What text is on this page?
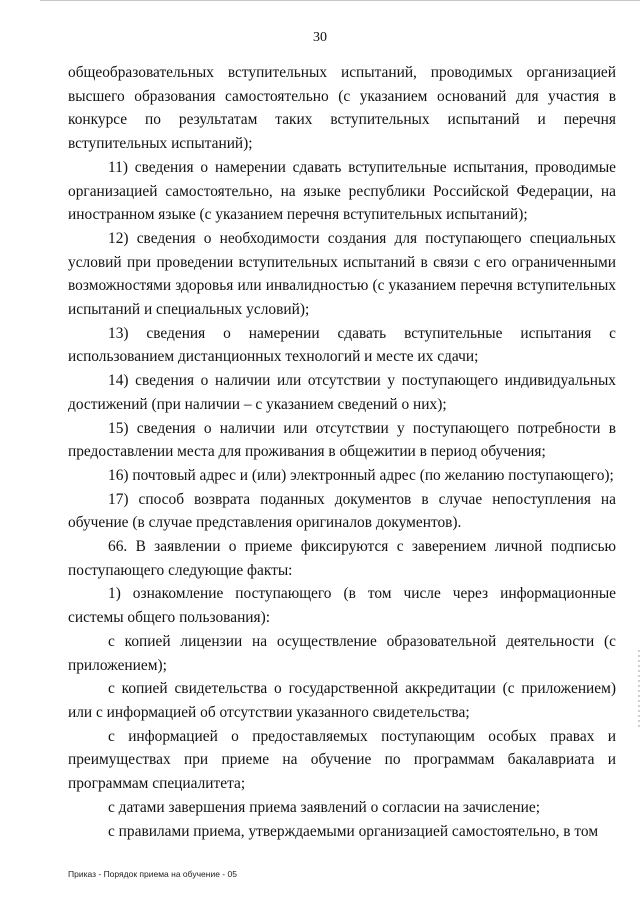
30

общеобразовательных вступительных испытаний, проводимых организацией высшего образования самостоятельно (с указанием оснований для участия в конкурсе по результатам таких вступительных испытаний и перечня вступительных испытаний);

11) сведения о намерении сдавать вступительные испытания, проводимые организацией самостоятельно, на языке республики Российской Федерации, на иностранном языке (с указанием перечня вступительных испытаний);

12) сведения о необходимости создания для поступающего специальных условий при проведении вступительных испытаний в связи с его ограниченными возможностями здоровья или инвалидностью (с указанием перечня вступительных испытаний и специальных условий);

13) сведения о намерении сдавать вступительные испытания с использованием дистанционных технологий и месте их сдачи;

14) сведения о наличии или отсутствии у поступающего индивидуальных достижений (при наличии – с указанием сведений о них);

15) сведения о наличии или отсутствии у поступающего потребности в предоставлении места для проживания в общежитии в период обучения;

16) почтовый адрес и (или) электронный адрес (по желанию поступающего);

17) способ возврата поданных документов в случае непоступления на обучение (в случае представления оригиналов документов).

66. В заявлении о приеме фиксируются с заверением личной подписью поступающего следующие факты:

1) ознакомление поступающего (в том числе через информационные системы общего пользования):

с копией лицензии на осуществление образовательной деятельности (с приложением);

с копией свидетельства о государственной аккредитации (с приложением) или с информацией об отсутствии указанного свидетельства;

с информацией о предоставляемых поступающим особых правах и преимуществах при приеме на обучение по программам бакалавриата и программам специалитета;

с датами завершения приема заявлений о согласии на зачисление;

с правилами приема, утверждаемыми организацией самостоятельно, в том

Приказ - Порядок приема на обучение - 05
